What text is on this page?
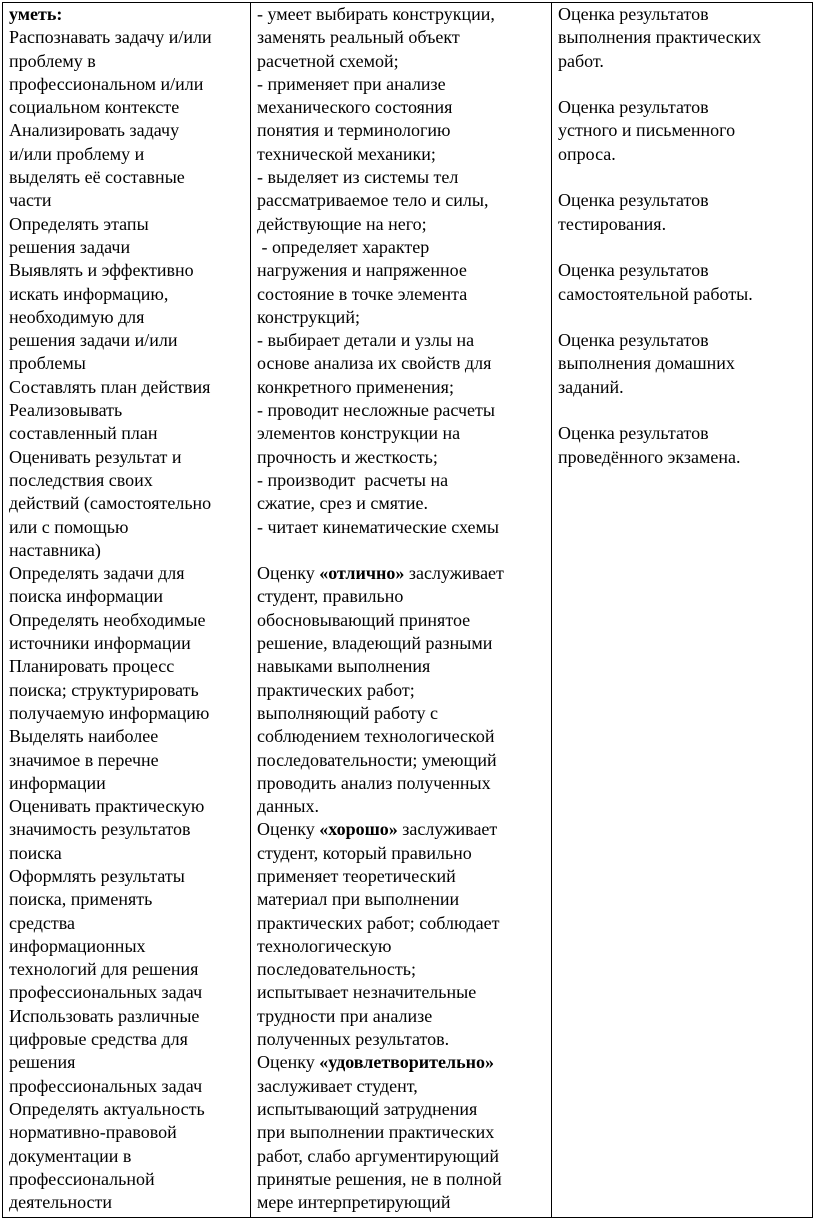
уметь:
Распознавать задачу и/или
проблему в
профессиональном и/или
социальном контексте
Анализировать задачу
и/или проблему и
выделять её составные
части
Определять этапы
решения задачи
Выявлять и эффективно
искать информацию,
необходимую для
решения задачи и/или
проблемы
Составлять план действия
Реализовывать
составленный план
Оценивать результат и
последствия своих
действий (самостоятельно
или с помощью
наставника)
Определять задачи для
поиска информации
Определять необходимые
источники информации
Планировать процесс
поиска; структурировать
получаемую информацию
Выделять наиболее
значимое в перечне
информации
Оценивать практическую
значимость результатов
поиска
Оформлять результаты
поиска, применять
средства
информационных
технологий для решения
профессиональных задач
Использовать различные
цифровые средства для
решения
профессиональных задач
Определять актуальность
нормативно-правовой
документации в
профессиональной
деятельности

- умеет выбирать конструкции,
заменять реальный объект
расчетной схемой;
- применяет при анализе
механического состояния
понятия и терминологию
технической механики;
- выделяет из системы тел
рассматриваемое тело и силы,
действующие на него;
- определяет характер
нагружения и напряженное
состояние в точке элемента
конструкций;
- выбирает детали и узлы на
основе анализа их свойств для
конкретного применения;
- проводит несложные расчеты
элементов конструкции на
прочность и жесткость;
- производит  расчеты на
сжатие, срез и смятие.
- читает кинематические схемы
Оценку «отлично» заслуживает
студент, правильно
обосновывающий принятое
решение, владеющий разными
навыками выполнения
практических работ;
выполняющий работу с
соблюдением технологической
последовательности; умеющий
проводить анализ полученных
данных.
Оценку «хорошо» заслуживает
студент, который правильно
применяет теоретический
материал при выполнении
практических работ; соблюдает
технологическую
последовательность;
испытывает незначительные
трудности при анализе
полученных результатов.
Оценку «удовлетворительно»
заслуживает студент,
испытывающий затруднения
при выполнении практических
работ, слабо аргументирующий
принятые решения, не в полной
мере интерпретирующий

Оценка результатов
выполнения практических
работ.
Оценка результатов
устного и письменного
опроса.
Оценка результатов
тестирования.
Оценка результатов
самостоятельной работы.
Оценка результатов
выполнения домашних
заданий.
Оценка результатов
проведённого экзамена.
